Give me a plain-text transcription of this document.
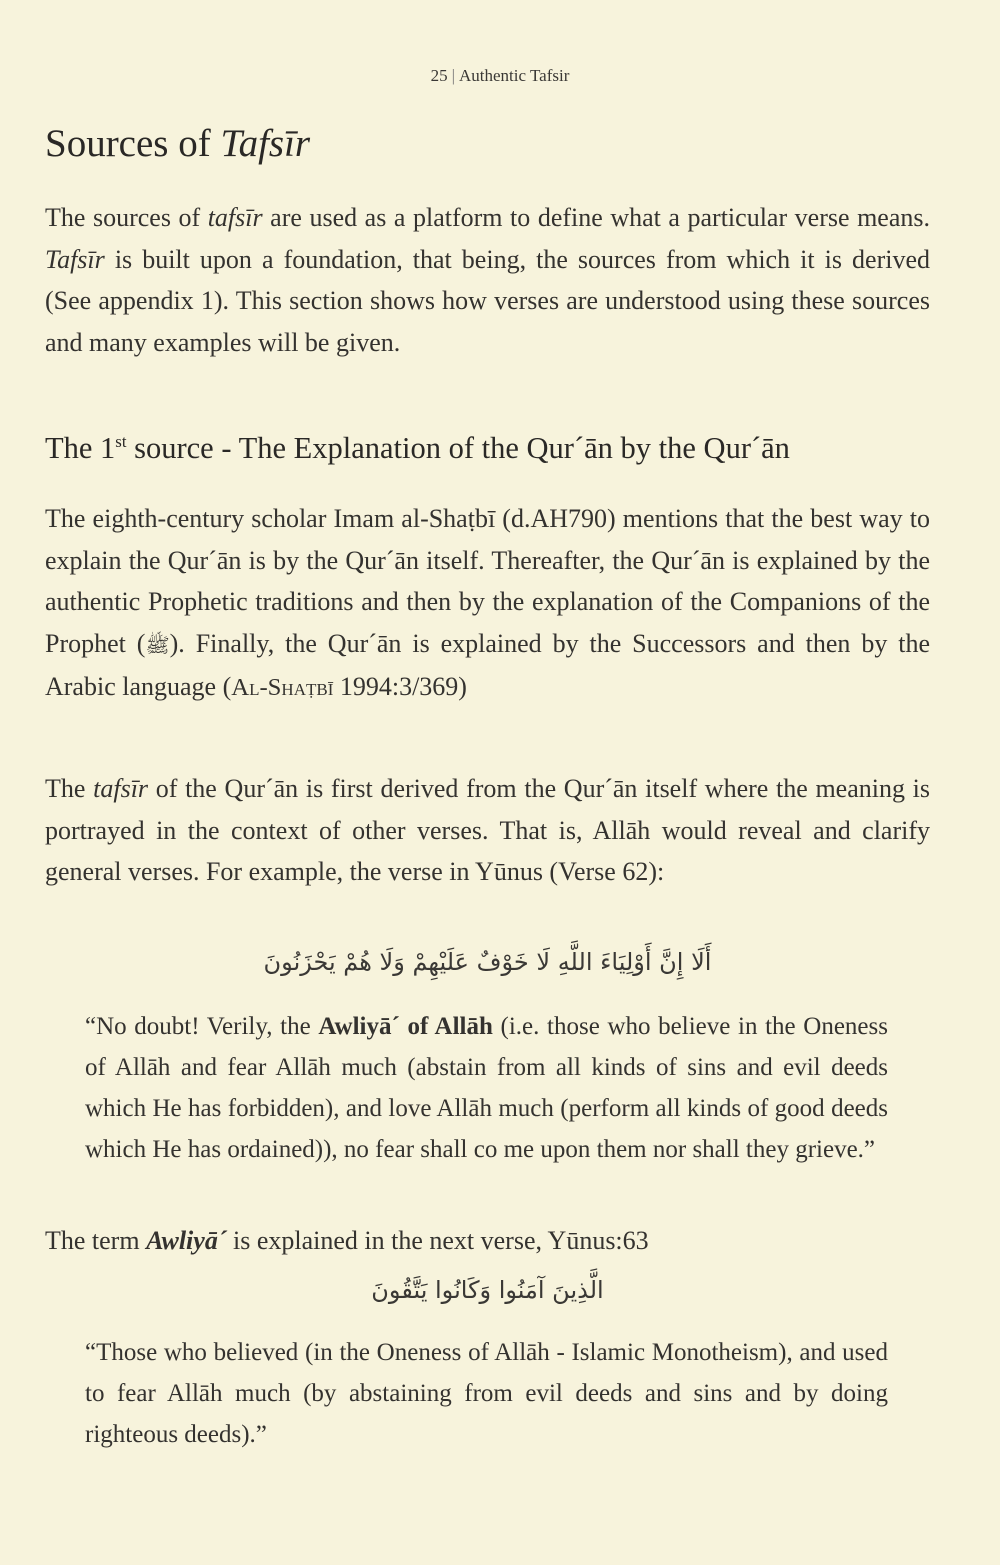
25 | Authentic Tafsir
Sources of Tafsīr

The sources of tafsīr are used as a platform to define what a particular verse means. Tafsīr is built upon a foundation, that being, the sources from which it is derived (See appendix 1). This section shows how verses are understood using these sources and many examples will be given.

The 1st source - The Explanation of the Qur´ān by the Qur´ān

The eighth-century scholar Imam al-Shaṭbī (d.AH790) mentions that the best way to explain the Qur´ān is by the Qur´ān itself. Thereafter, the Qur´ān is explained by the authentic Prophetic traditions and then by the explanation of the Companions of the Prophet (ﷺ). Finally, the Qur´ān is explained by the Successors and then by the Arabic language (Al-Shaṭbī 1994:3/369)

The tafsīr of the Qur´ān is first derived from the Qur´ān itself where the meaning is portrayed in the context of other verses. That is, Allāh would reveal and clarify general verses. For example, the verse in Yūnus (Verse 62):

أَلَا إِنَّ أَوْلِيَاءَ اللَّهِ لَا خَوْفٌ عَلَيْهِمْ وَلَا هُمْ يَحْزَنُونَ

“No doubt! Verily, the Awliyā´ of Allāh (i.e. those who believe in the Oneness of Allāh and fear Allāh much (abstain from all kinds of sins and evil deeds which He has forbidden), and love Allāh much (perform all kinds of good deeds which He has ordained)), no fear shall co me upon them nor shall they grieve.”

The term Awliyā´ is explained in the next verse, Yūnus:63

الَّذِينَ آمَنُوا وَكَانُوا يَتَّقُونَ

“Those who believed (in the Oneness of Allāh - Islamic Monotheism), and used to fear Allāh much (by abstaining from evil deeds and sins and by doing righteous deeds).”
